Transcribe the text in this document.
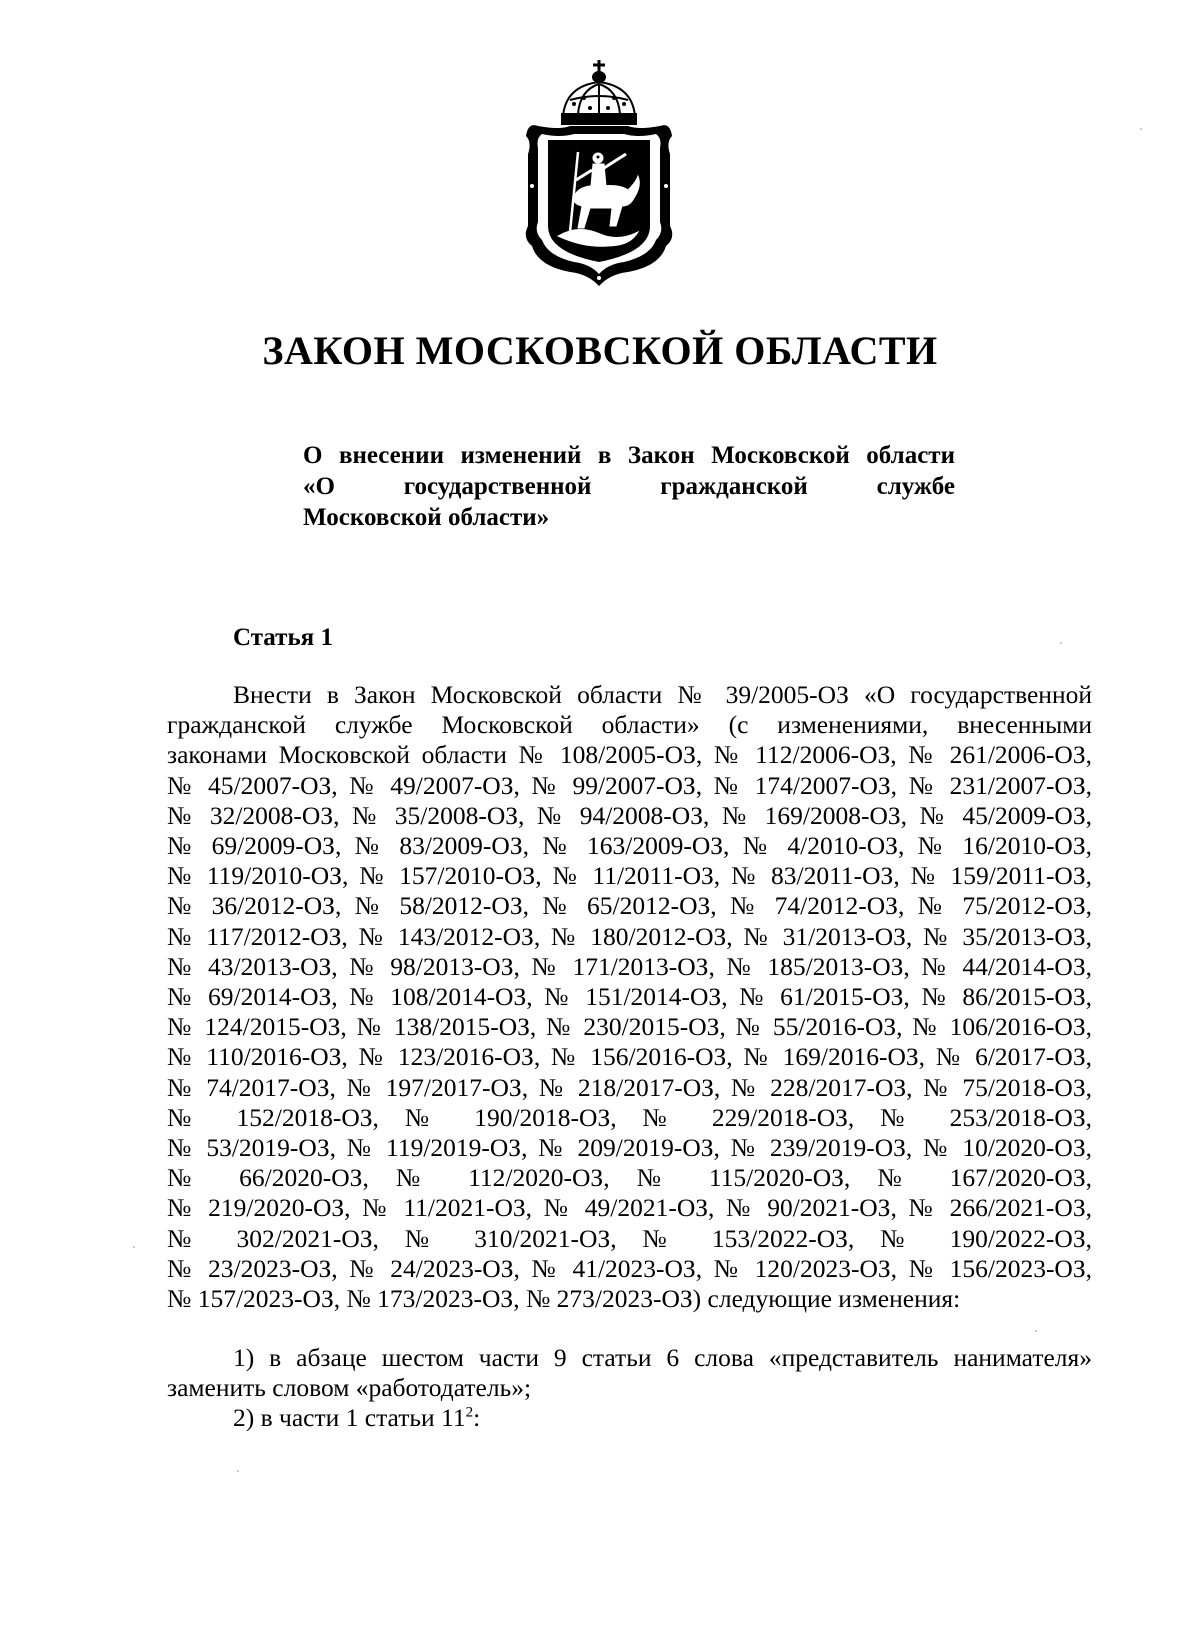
ЗАКОН МОСКОВСКОЙ ОБЛАСТИ
О внесении изменений в Закон Московской области
«О государственной гражданской службе
Московской области»
Статья 1
Внести в Закон Московской области № 39/2005-ОЗ «О государственной
гражданской службе Московской области» (с изменениями, внесенными
законами Московской области № 108/2005-ОЗ, № 112/2006-ОЗ, № 261/2006-ОЗ,
№ 45/2007-ОЗ, № 49/2007-ОЗ, № 99/2007-ОЗ, № 174/2007-ОЗ, № 231/2007-ОЗ,
№ 32/2008-ОЗ, № 35/2008-ОЗ, № 94/2008-ОЗ, № 169/2008-ОЗ, № 45/2009-ОЗ,
№ 69/2009-ОЗ, № 83/2009-ОЗ, № 163/2009-ОЗ, № 4/2010-ОЗ, № 16/2010-ОЗ,
№ 119/2010-ОЗ, № 157/2010-ОЗ, № 11/2011-ОЗ, № 83/2011-ОЗ, № 159/2011-ОЗ,
№ 36/2012-ОЗ, № 58/2012-ОЗ, № 65/2012-ОЗ, № 74/2012-ОЗ, № 75/2012-ОЗ,
№ 117/2012-ОЗ, № 143/2012-ОЗ, № 180/2012-ОЗ, № 31/2013-ОЗ, № 35/2013-ОЗ,
№ 43/2013-ОЗ, № 98/2013-ОЗ, № 171/2013-ОЗ, № 185/2013-ОЗ, № 44/2014-ОЗ,
№ 69/2014-ОЗ, № 108/2014-ОЗ, № 151/2014-ОЗ, № 61/2015-ОЗ, № 86/2015-ОЗ,
№ 124/2015-ОЗ, № 138/2015-ОЗ, № 230/2015-ОЗ, № 55/2016-ОЗ, № 106/2016-ОЗ,
№ 110/2016-ОЗ, № 123/2016-ОЗ, № 156/2016-ОЗ, № 169/2016-ОЗ, № 6/2017-ОЗ,
№ 74/2017-ОЗ, № 197/2017-ОЗ, № 218/2017-ОЗ, № 228/2017-ОЗ, № 75/2018-ОЗ,
№ 152/2018-ОЗ, № 190/2018-ОЗ, № 229/2018-ОЗ, № 253/2018-ОЗ,
№ 53/2019-ОЗ, № 119/2019-ОЗ, № 209/2019-ОЗ, № 239/2019-ОЗ, № 10/2020-ОЗ,
№ 66/2020-ОЗ, № 112/2020-ОЗ, № 115/2020-ОЗ, № 167/2020-ОЗ,
№ 219/2020-ОЗ, № 11/2021-ОЗ, № 49/2021-ОЗ, № 90/2021-ОЗ, № 266/2021-ОЗ,
№ 302/2021-ОЗ, № 310/2021-ОЗ, № 153/2022-ОЗ, № 190/2022-ОЗ,
№ 23/2023-ОЗ, № 24/2023-ОЗ, № 41/2023-ОЗ, № 120/2023-ОЗ, № 156/2023-ОЗ,
№ 157/2023-ОЗ, № 173/2023-ОЗ, № 273/2023-ОЗ) следующие изменения:
1) в абзаце шестом части 9 статьи 6 слова «представитель нанимателя»
заменить словом «работодатель»;
2) в части 1 статьи $11^2$:
